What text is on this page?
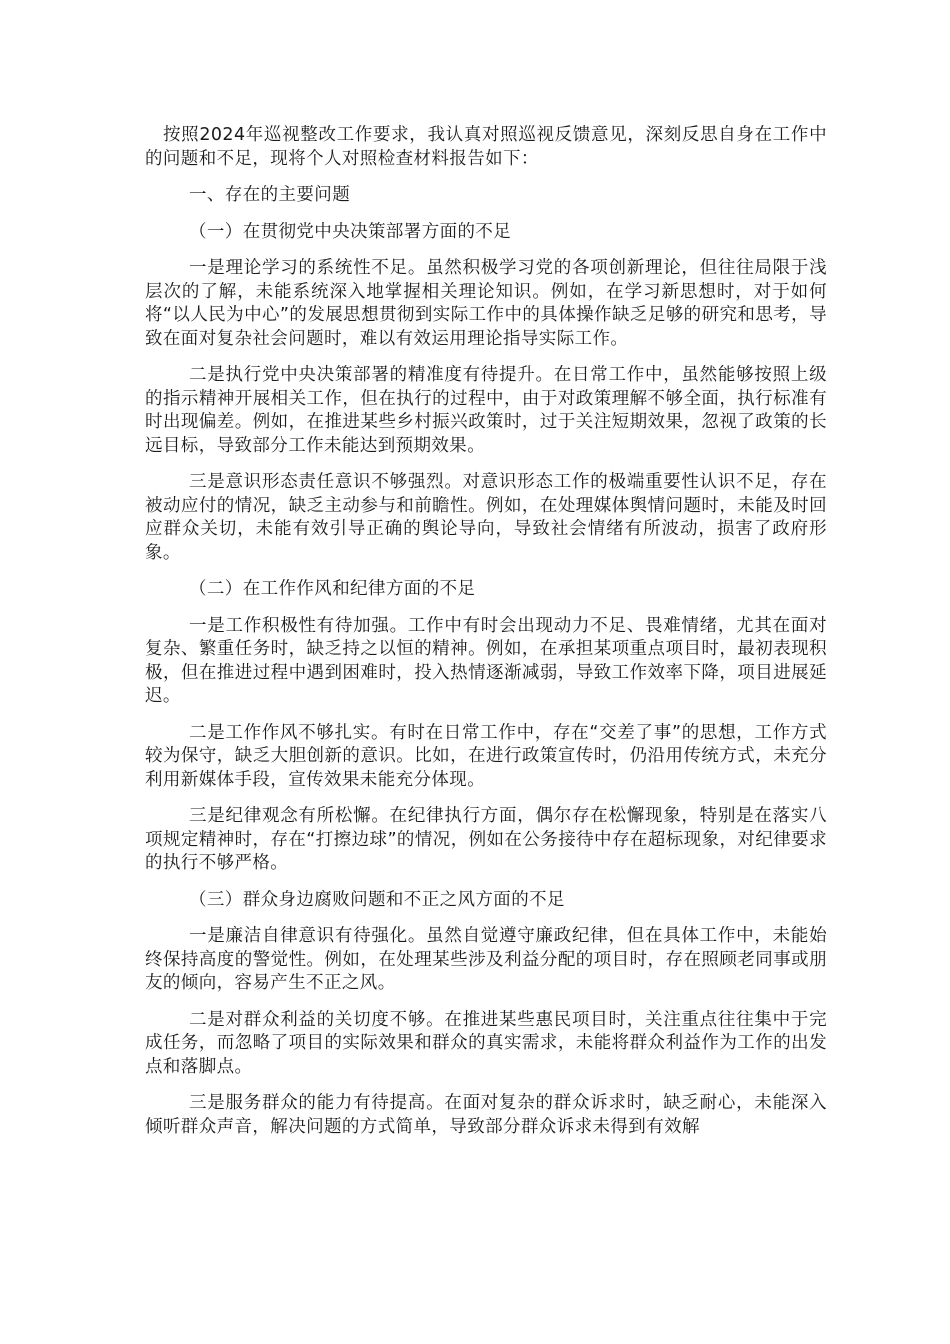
按照2024年巡视整改工作要求，我认真对照巡视反馈意见，深刻反思自身在工作中的问题和不足，现将个人对照检查材料报告如下：

一、存在的主要问题

（一）在贯彻党中央决策部署方面的不足

一是理论学习的系统性不足。虽然积极学习党的各项创新理论，但往往局限于浅层次的了解，未能系统深入地掌握相关理论知识。例如，在学习新思想时，对于如何将“以人民为中心”的发展思想贯彻到实际工作中的具体操作缺乏足够的研究和思考，导致在面对复杂社会问题时，难以有效运用理论指导实际工作。

二是执行党中央决策部署的精准度有待提升。在日常工作中，虽然能够按照上级的指示精神开展相关工作，但在执行的过程中，由于对政策理解不够全面，执行标准有时出现偏差。例如，在推进某些乡村振兴政策时，过于关注短期效果，忽视了政策的长远目标，导致部分工作未能达到预期效果。

三是意识形态责任意识不够强烈。对意识形态工作的极端重要性认识不足，存在被动应付的情况，缺乏主动参与和前瞻性。例如，在处理媒体舆情问题时，未能及时回应群众关切，未能有效引导正确的舆论导向，导致社会情绪有所波动，损害了政府形象。

（二）在工作作风和纪律方面的不足

一是工作积极性有待加强。工作中有时会出现动力不足、畏难情绪，尤其在面对复杂、繁重任务时，缺乏持之以恒的精神。例如，在承担某项重点项目时，最初表现积极，但在推进过程中遇到困难时，投入热情逐渐减弱，导致工作效率下降，项目进展延迟。

二是工作作风不够扎实。有时在日常工作中，存在“交差了事”的思想，工作方式较为保守，缺乏大胆创新的意识。比如，在进行政策宣传时，仍沿用传统方式，未充分利用新媒体手段，宣传效果未能充分体现。

三是纪律观念有所松懈。在纪律执行方面，偶尔存在松懈现象，特别是在落实八项规定精神时，存在“打擦边球”的情况，例如在公务接待中存在超标现象，对纪律要求的执行不够严格。

（三）群众身边腐败问题和不正之风方面的不足

一是廉洁自律意识有待强化。虽然自觉遵守廉政纪律，但在具体工作中，未能始终保持高度的警觉性。例如，在处理某些涉及利益分配的项目时，存在照顾老同事或朋友的倾向，容易产生不正之风。

二是对群众利益的关切度不够。在推进某些惠民项目时，关注重点往往集中于完成任务，而忽略了项目的实际效果和群众的真实需求，未能将群众利益作为工作的出发点和落脚点。

三是服务群众的能力有待提高。在面对复杂的群众诉求时，缺乏耐心，未能深入倾听群众声音，解决问题的方式简单，导致部分群众诉求未得到有效解
